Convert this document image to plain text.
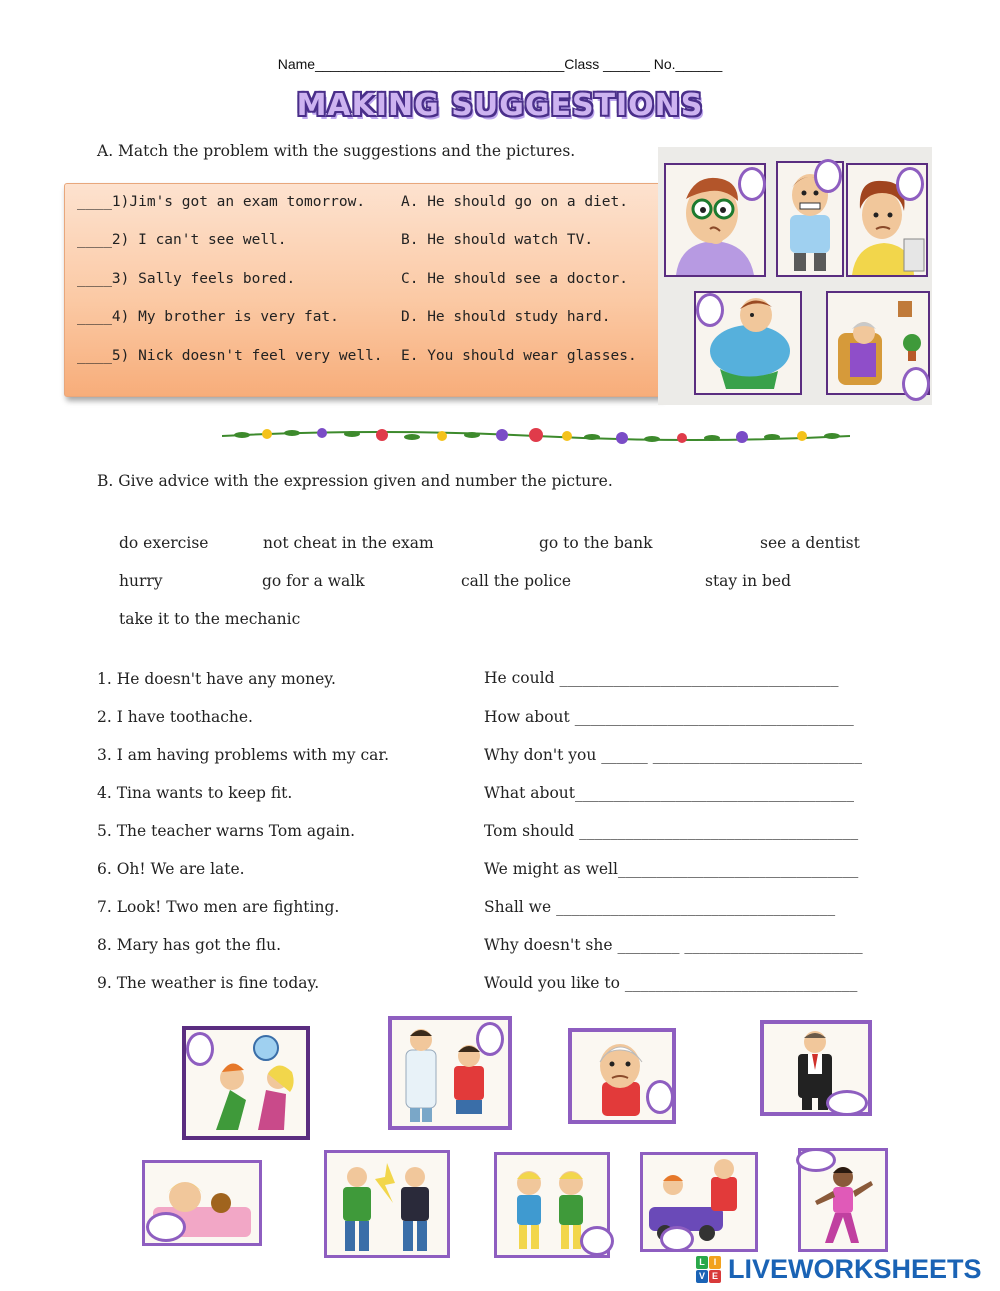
Name________________________________Class ______ No.______
MAKING SUGGESTIONS
A. Match the problem with the suggestions and the pictures.
____1)Jim's got an exam tomorrow. A. He should go on a diet.
____2) I can't see well.	B. He should watch TV.
____3) Sally feels bored.	C. He should see a doctor.
____4) My brother is very fat.	D. He should study hard.
____5) Nick doesn't feel very well. E. You should wear glasses.
B. Give advice with the expression given and number the picture.
do exercise	not cheat in the exam	go to the bank	see a dentist
hurry	go for a walk	call the police	stay in bed
take it to the mechanic
1. He doesn't have any money.	He could ____________________________________
2. I have toothache.	How about ____________________________________
3. I am having problems with my car.	Why don't you ______ ___________________________
4. Tina wants to keep fit.	What about____________________________________
5. The teacher warns Tom again.	Tom should ____________________________________
6. Oh! We are late.	We might as well_______________________________
7. Look! Two men are fighting.	Shall we ____________________________________
8. Mary has got the flu.	Why doesn't she ________ _______________________
9. The weather is fine today.	Would you like to ______________________________
L I
V E LIVEWORKSHEETS
